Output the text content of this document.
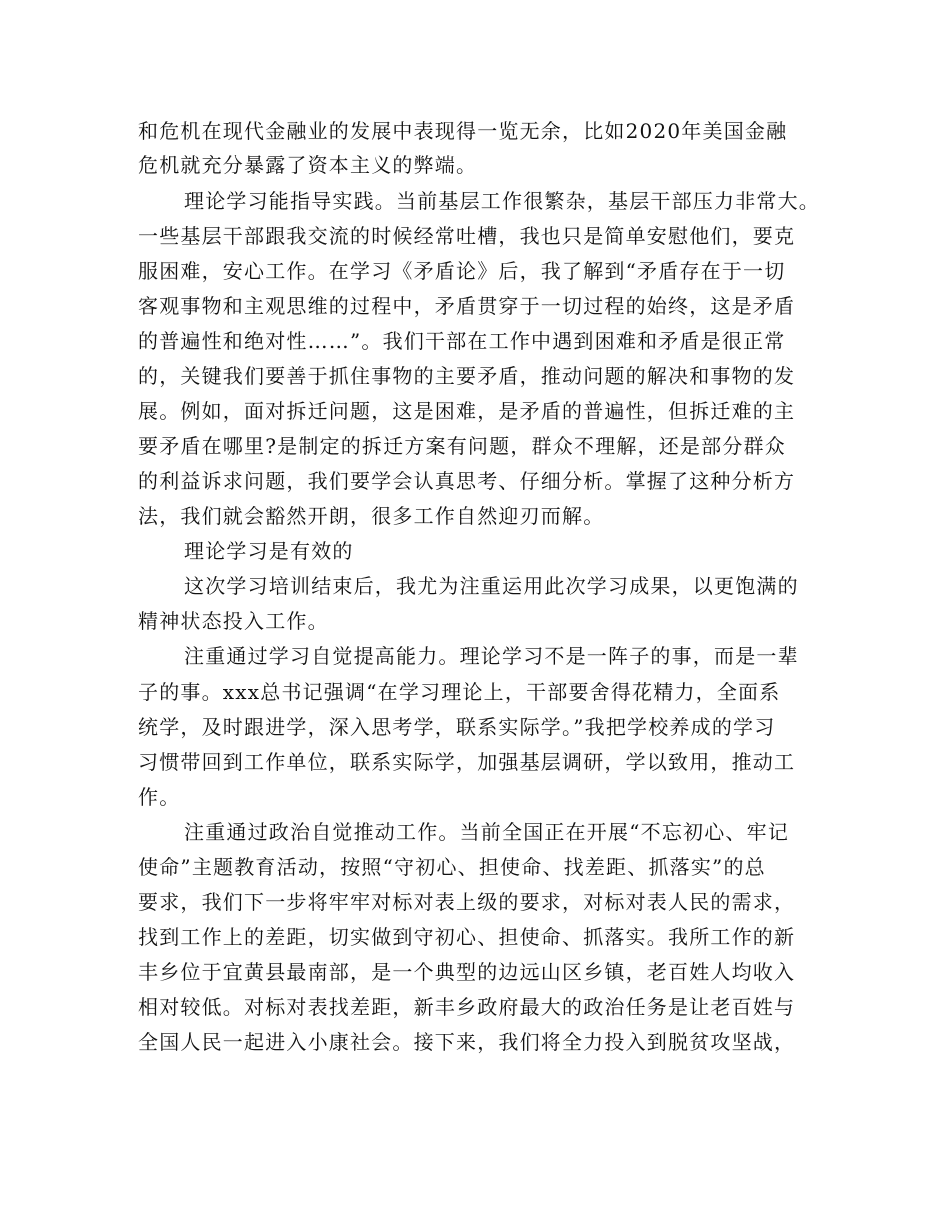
和危机在现代金融业的发展中表现得一览无余，比如2020年美国金融
危机就充分暴露了资本主义的弊端。
理论学习能指导实践。当前基层工作很繁杂，基层干部压力非常大。
一些基层干部跟我交流的时候经常吐槽，我也只是简单安慰他们，要克
服困难，安心工作。在学习《矛盾论》后，我了解到“矛盾存在于一切
客观事物和主观思维的过程中，矛盾贯穿于一切过程的始终，这是矛盾
的普遍性和绝对性……”。我们干部在工作中遇到困难和矛盾是很正常
的，关键我们要善于抓住事物的主要矛盾，推动问题的解决和事物的发
展。例如，面对拆迁问题，这是困难，是矛盾的普遍性，但拆迁难的主
要矛盾在哪里?是制定的拆迁方案有问题，群众不理解，还是部分群众
的利益诉求问题，我们要学会认真思考、仔细分析。掌握了这种分析方
法，我们就会豁然开朗，很多工作自然迎刃而解。
理论学习是有效的
这次学习培训结束后，我尤为注重运用此次学习成果，以更饱满的
精神状态投入工作。
注重通过学习自觉提高能力。理论学习不是一阵子的事，而是一辈
子的事。xxx总书记强调“在学习理论上，干部要舍得花精力，全面系
统学，及时跟进学，深入思考学，联系实际学。”我把学校养成的学习
习惯带回到工作单位，联系实际学，加强基层调研，学以致用，推动工
作。
注重通过政治自觉推动工作。当前全国正在开展“不忘初心、牢记
使命”主题教育活动，按照“守初心、担使命、找差距、抓落实”的总
要求，我们下一步将牢牢对标对表上级的要求，对标对表人民的需求，
找到工作上的差距，切实做到守初心、担使命、抓落实。我所工作的新
丰乡位于宜黄县最南部，是一个典型的边远山区乡镇，老百姓人均收入
相对较低。对标对表找差距，新丰乡政府最大的政治任务是让老百姓与
全国人民一起进入小康社会。接下来，我们将全力投入到脱贫攻坚战，
